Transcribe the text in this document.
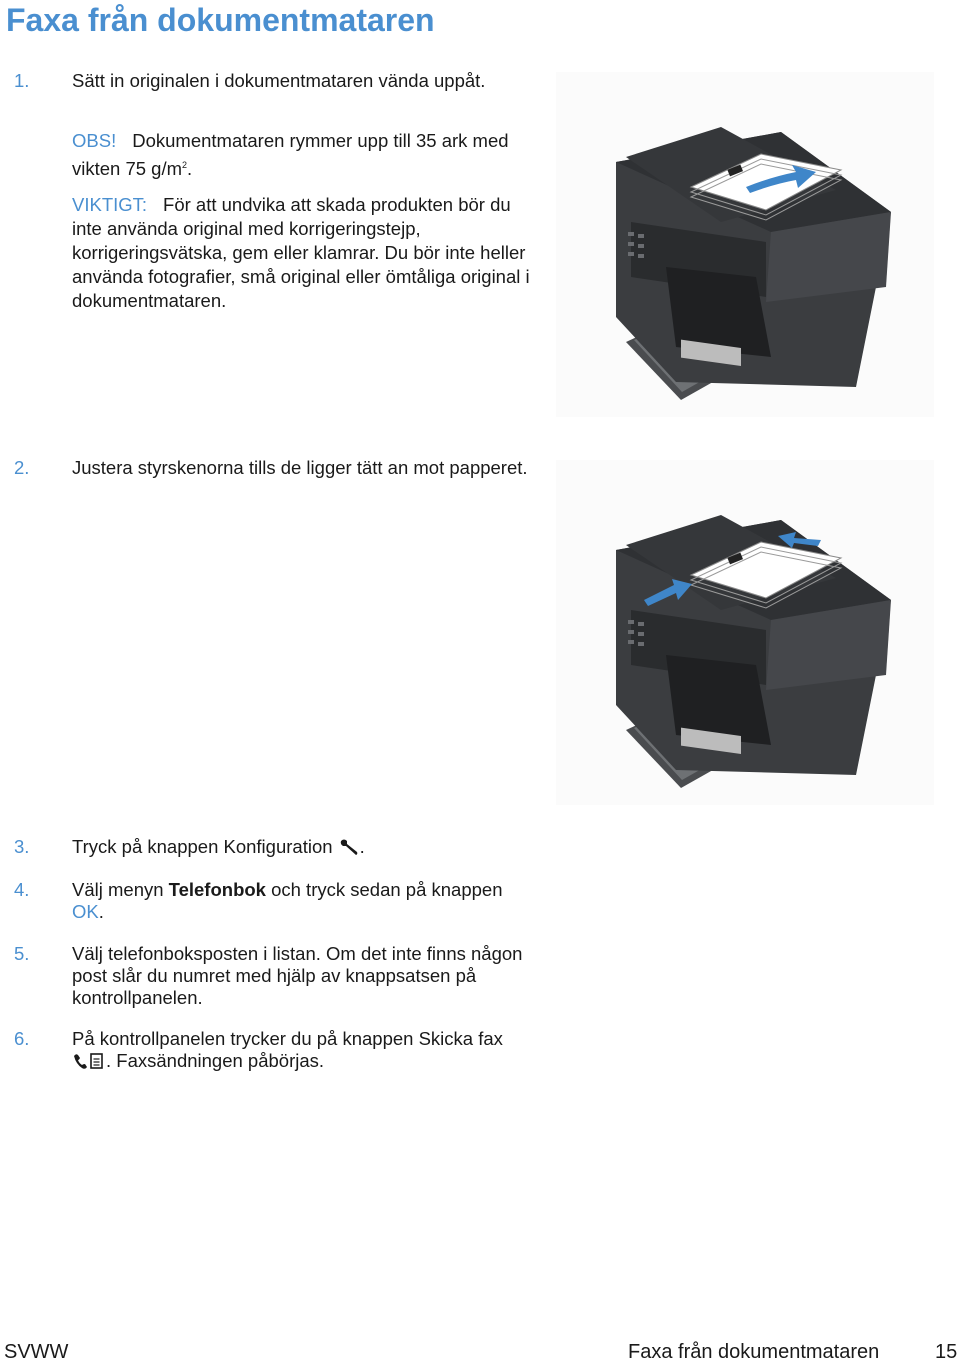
Faxa från dokumentmataren
1. Sätt in originalen i dokumentmataren vända uppåt.
OBS! Dokumentmataren rymmer upp till 35 ark med vikten 75 $g/m^2$.
VIKTIGT: För att undvika att skada produkten bör du inte använda original med korrigeringstejp, korrigeringsvätska, gem eller klamrar. Du bör inte heller använda fotografier, små original eller ömtåliga original i dokumentmataren.
2. Justera styrskenorna tills de ligger tätt an mot papperet.
3. Tryck på knappen Konfiguration .
4. Välj menyn Telefonbok och tryck sedan på knappen OK.
5. Välj telefonboksposten i listan. Om det inte finns någon post slår du numret med hjälp av knappsatsen på kontrollpanelen.
6. På kontrollpanelen trycker du på knappen Skicka fax . Faxsändningen påbörjas.
SVWW	Faxa från dokumentmataren	15
